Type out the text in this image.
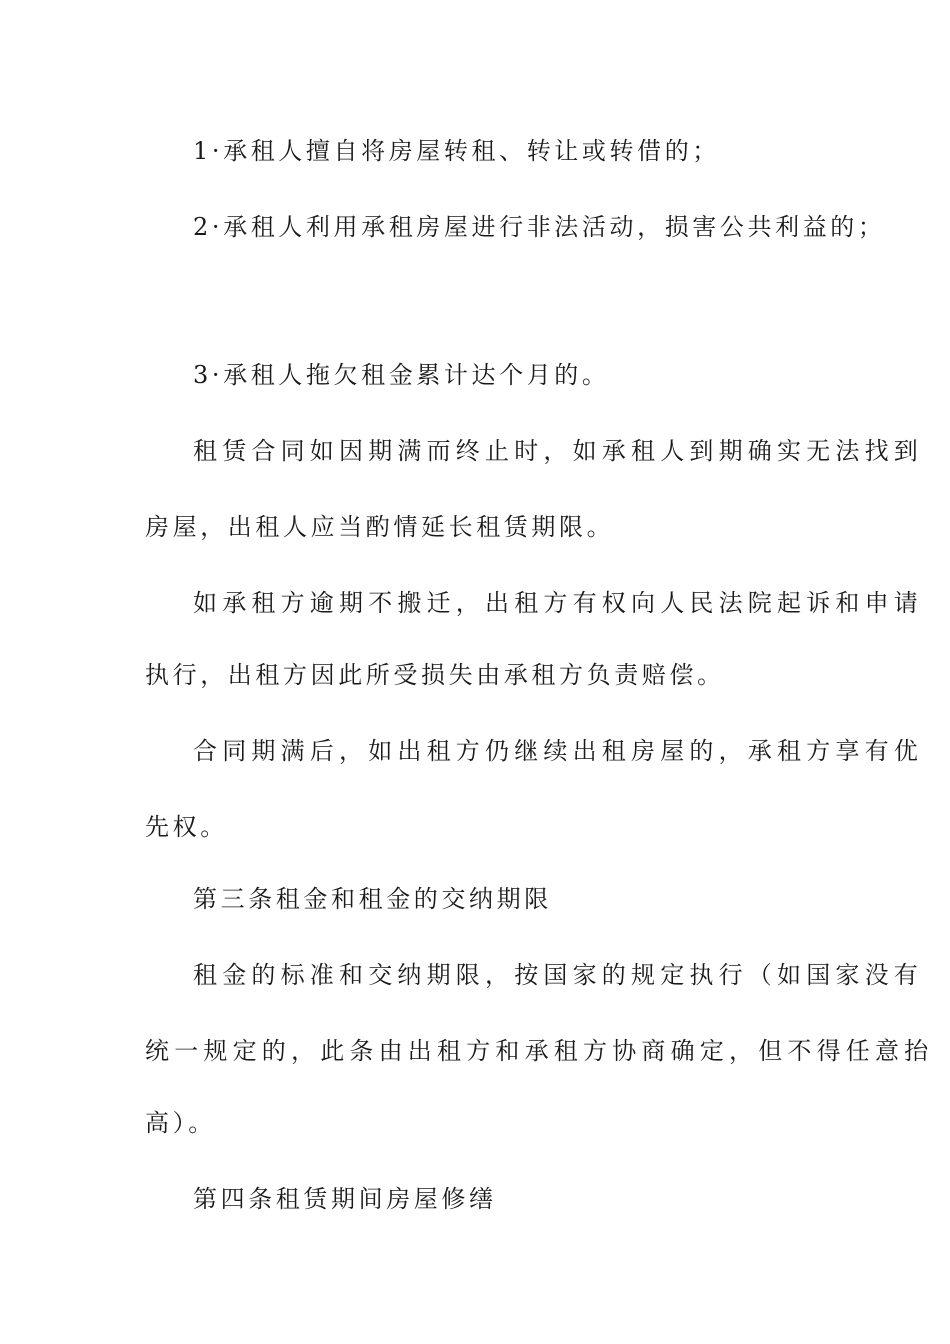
1·承租人擅自将房屋转租、转让或转借的；
2·承租人利用承租房屋进行非法活动，损害公共利益的；
3·承租人拖欠租金累计达个月的。
租赁合同如因期满而终止时，如承租人到期确实无法找到
房屋，出租人应当酌情延长租赁期限。
如承租方逾期不搬迁，出租方有权向人民法院起诉和申请
执行，出租方因此所受损失由承租方负责赔偿。
合同期满后，如出租方仍继续出租房屋的，承租方享有优
先权。
第三条租金和租金的交纳期限
租金的标准和交纳期限，按国家的规定执行（如国家没有
统一规定的，此条由出租方和承租方协商确定，但不得任意抬
高）。
第四条租赁期间房屋修缮
